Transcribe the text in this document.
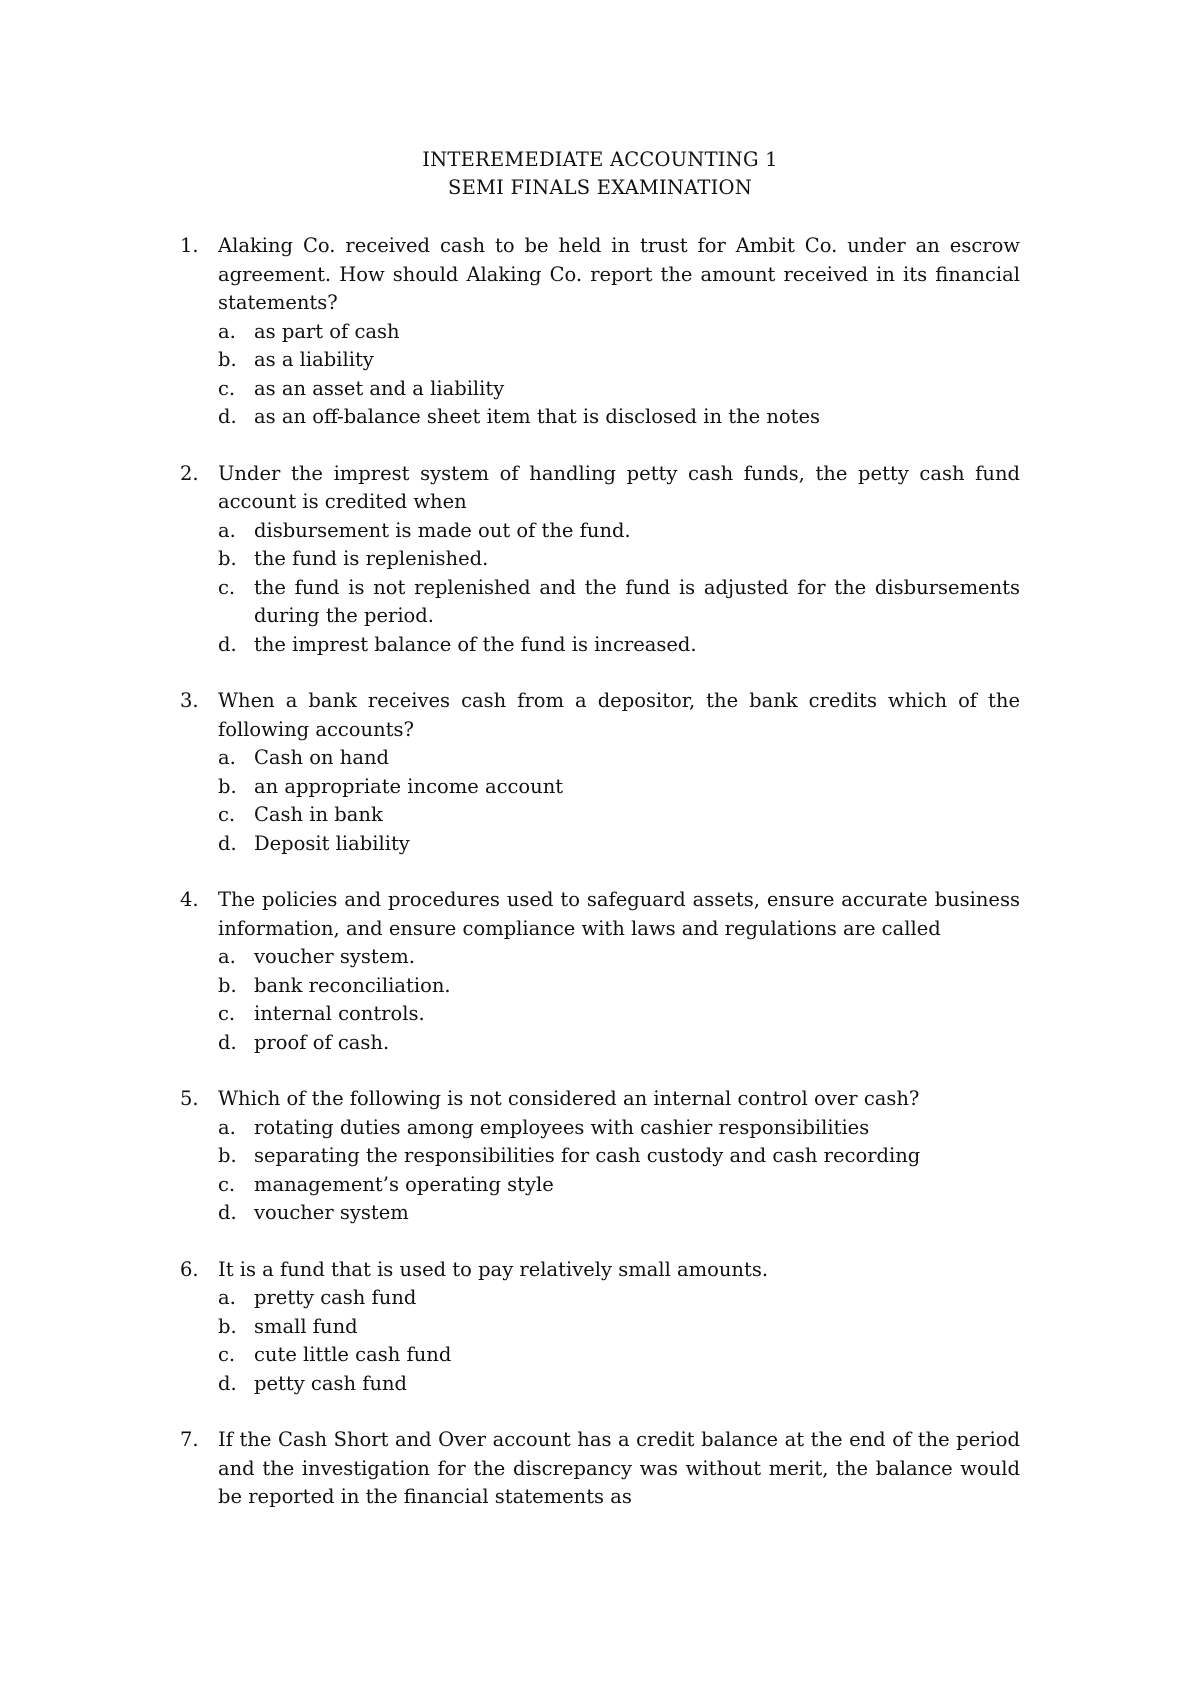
INTEREMEDIATE ACCOUNTING 1
SEMI FINALS EXAMINATION
1. Alaking Co. received cash to be held in trust for Ambit Co. under an escrow agreement. How should Alaking Co. report the amount received in its financial statements?
a. as part of cash
b. as a liability
c. as an asset and a liability
d. as an off-balance sheet item that is disclosed in the notes
2. Under the imprest system of handling petty cash funds, the petty cash fund account is credited when
a. disbursement is made out of the fund.
b. the fund is replenished.
c. the fund is not replenished and the fund is adjusted for the disbursements during the period.
d. the imprest balance of the fund is increased.
3. When a bank receives cash from a depositor, the bank credits which of the following accounts?
a. Cash on hand
b. an appropriate income account
c. Cash in bank
d. Deposit liability
4. The policies and procedures used to safeguard assets, ensure accurate business information, and ensure compliance with laws and regulations are called
a. voucher system.
b. bank reconciliation.
c. internal controls.
d. proof of cash.
5. Which of the following is not considered an internal control over cash?
a. rotating duties among employees with cashier responsibilities
b. separating the responsibilities for cash custody and cash recording
c. management’s operating style
d. voucher system
6. It is a fund that is used to pay relatively small amounts.
a. pretty cash fund
b. small fund
c. cute little cash fund
d. petty cash fund
7. If the Cash Short and Over account has a credit balance at the end of the period and the investigation for the discrepancy was without merit, the balance would be reported in the financial statements as
